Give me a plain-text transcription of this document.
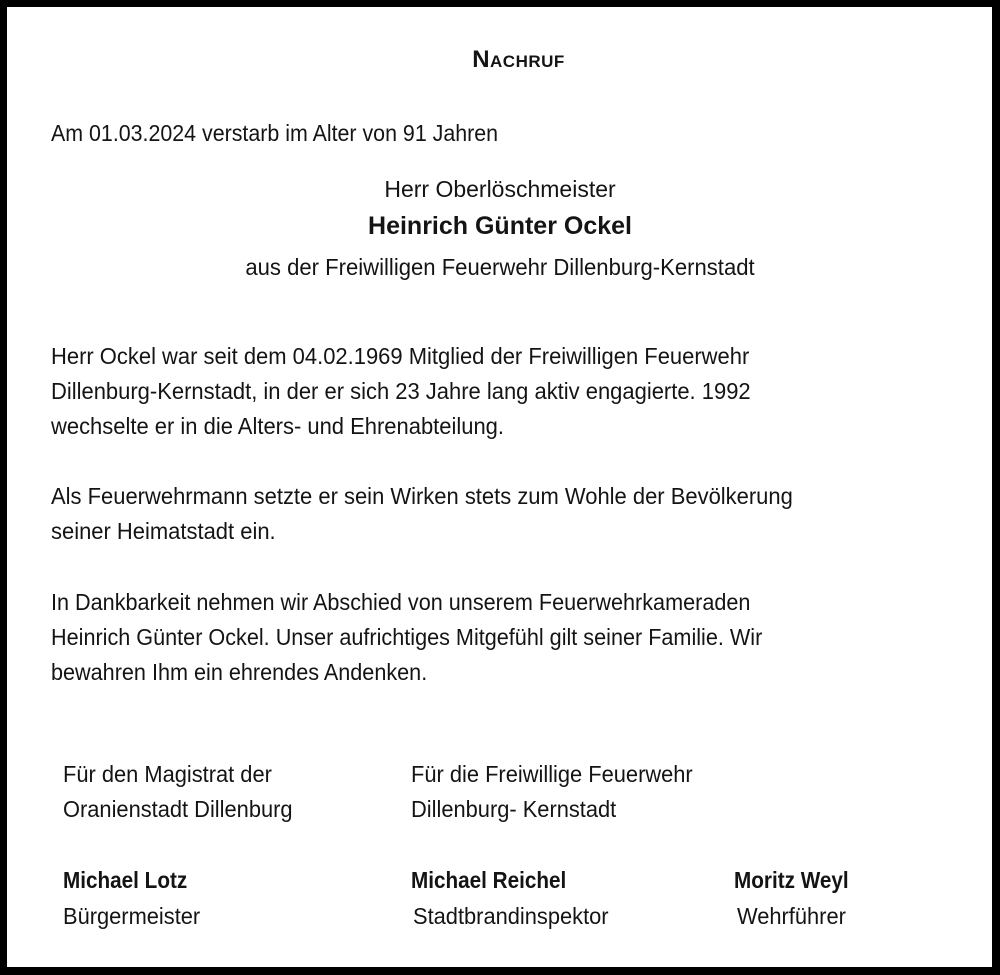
Nachruf
Am 01.03.2024 verstarb im Alter von 91 Jahren
Herr Oberlöschmeister
Heinrich Günter Ockel
aus der Freiwilligen Feuerwehr Dillenburg-Kernstadt
Herr Ockel war seit dem 04.02.1969 Mitglied der Freiwilligen Feuerwehr
Dillenburg-Kernstadt, in der er sich 23 Jahre lang aktiv engagierte. 1992
wechselte er in die Alters- und Ehrenabteilung.
Als Feuerwehrmann setzte er sein Wirken stets zum Wohle der Bevölkerung
seiner Heimatstadt ein.
In Dankbarkeit nehmen wir Abschied von unserem Feuerwehrkameraden
Heinrich Günter Ockel. Unser aufrichtiges Mitgefühl gilt seiner Familie. Wir
bewahren Ihm ein ehrendes Andenken.
Für den Magistrat der
Oranienstadt Dillenburg
Für die Freiwillige Feuerwehr
Dillenburg- Kernstadt
Michael Lotz
Bürgermeister
Michael Reichel
Stadtbrandinspektor
Moritz Weyl
Wehrführer
